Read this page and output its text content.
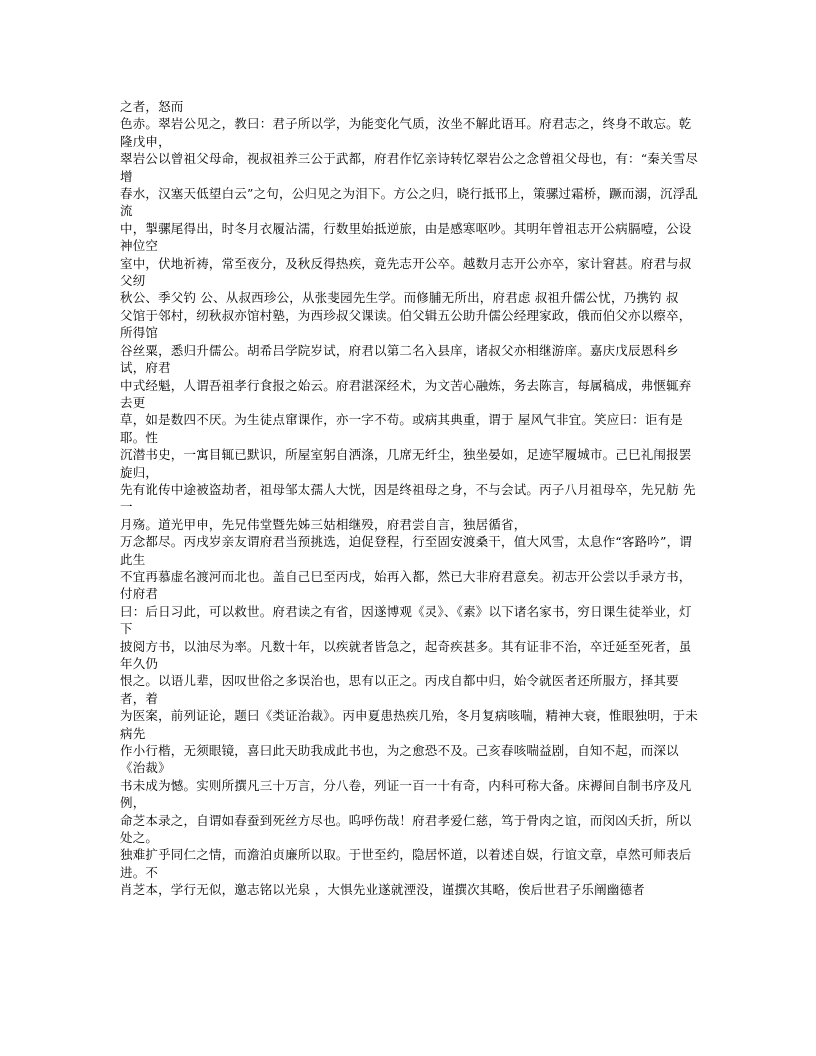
之者，怒而

色赤。翠岩公见之，教曰：君子所以学，为能变化气质，汝坐不解此语耳。府君志之，终身不敢忘。乾隆戊申，

翠岩公以曾祖父母命，视叔祖养三公于武都，府君作忆亲诗转忆翠岩公之念曾祖父母也，有：“秦关雪尽增

春水，汉塞天低望白云”之句，公归见之为泪下。方公之归，晓行抵邗上，策骡过霜桥，蹶而溺，沉浮乱流

中，掣骡尾得出，时冬月衣履沾濡，行数里始抵逆旅，由是感寒呕吵。其明年曾祖志开公病膈噎，公设神位空

室中，伏地祈祷，常至夜分，及秋反得热疾，竟先志开公卒。越数月志开公亦卒，家计窘甚。府君与叔父纫

秋公、季父钓 公、从叔西珍公，从张斐园先生学。而修脯无所出，府君虑 叔祖升儒公忧，乃携钓 叔

父馆于邻村，纫秋叔亦馆村塾，为西珍叔父课读。伯父辑五公助升儒公经理家政，俄而伯父亦以瘵卒，所得馆

谷丝粟，悉归升儒公。胡希吕学院岁试，府君以第二名入县庠，诸叔父亦相继游庠。嘉庆戊辰恩科乡试，府君

中式经魁，人谓吾祖孝行食报之始云。府君湛深经术，为文苦心融炼，务去陈言，每属稿成，弗惬辄弃去更

草，如是数四不厌。为生徒点窜课作，亦一字不苟。或病其典重，谓于 屋风气非宜。笑应曰：讵有是耶。性

沉潜书史，一寓目辄已默识，所屋室躬自洒涤，几席无纤尘，独坐晏如，足迹罕履城市。己巳礼闱报罢旋归，

先有讹传中途被盗劫者，祖母邹太孺人大恍，因是终祖母之身，不与会试。丙子八月祖母卒，先兄舫 先一

月殇。道光甲申，先兄伟堂暨先姊三姑相继殁，府君尝自言，独居循省，

万念都尽。丙戌岁亲友谓府君当预挑选，迫促登程，行至固安渡桑干，值大风雪，太息作“客路吟”，谓此生

不宜再慕虚名渡河而北也。盖自己巳至丙戌，始再入都，然已大非府君意矣。初志开公尝以手录方书，付府君

曰：后日习此，可以救世。府君读之有省，因遂博观《灵》、《素》以下诸名家书，穷日课生徒举业，灯下

披阅方书，以油尽为率。凡数十年，以疾就者皆急之，起奇疾甚多。其有证非不治，卒迁延至死者，虽年久仍

恨之。以语儿辈，因叹世俗之多误治也，思有以正之。丙戌自都中归，始令就医者还所服方，择其要者，着

为医案，前列证论，题曰《类证治裁》。丙申夏患热疾几殆，冬月复病咳喘，精神大衰，惟眼独明，于未病先

作小行楷，无须眼镜，喜曰此天助我成此书也，为之愈恐不及。己亥春咳喘益剧，自知不起，而深以《治裁》

书未成为憾。实则所撰凡三十万言，分八卷，列证一百一十有奇，内科可称大备。床褥间自制书序及凡例，

命芝本录之，自谓如春蚕到死丝方尽也。呜呼伤哉！府君孝爱仁慈，笃于骨肉之谊，而闵凶夭折，所以处之。

独难扩乎同仁之情，而澹泊贞廉所以取。于世至约，隐居怀道，以着述自娱，行谊文章，卓然可师表后进。不

肖芝本，学行无似，邀志铭以光泉 ，大惧先业遂就湮没，谨撰次其略，俟后世君子乐阐幽德者
